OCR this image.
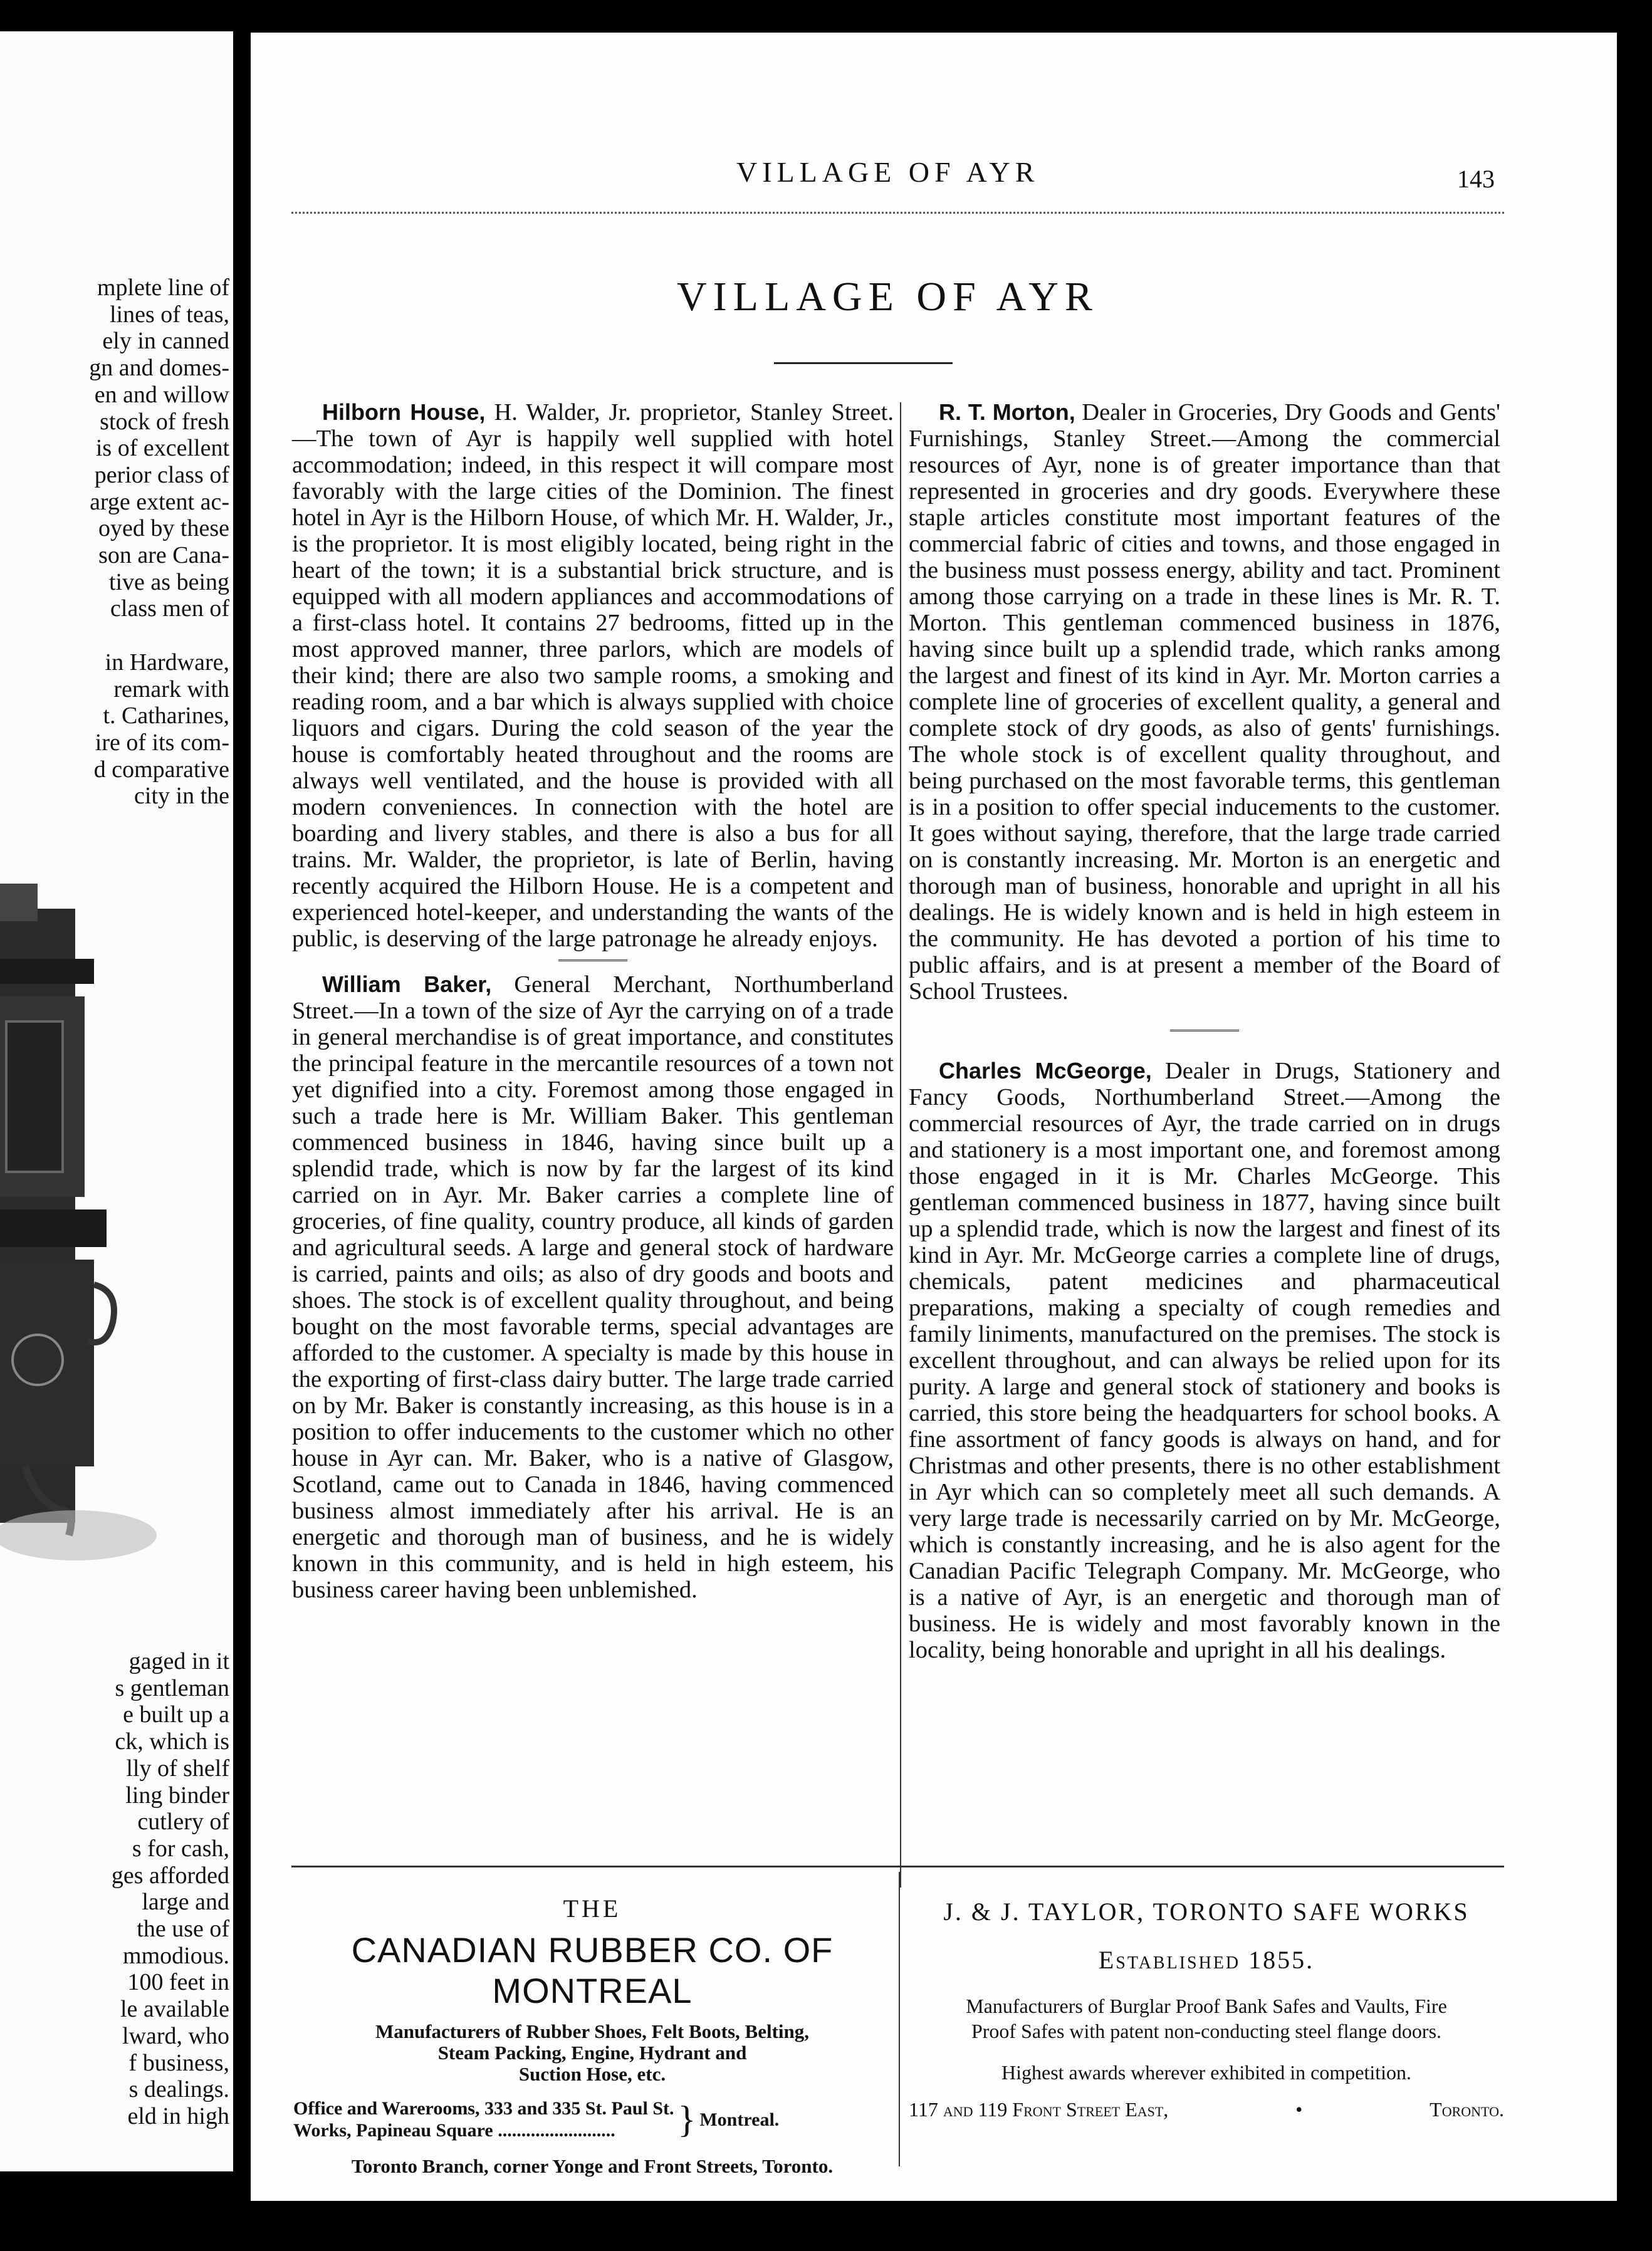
mplete line of
lines of teas,
ely in canned
gn and domes-
en and willow
stock of fresh
is of excellent
perior class of
arge extent ac-
oyed by these
son are Cana-
tive as being
class men of

in Hardware,
remark with
t. Catharines,
ire of its com-
d comparative
city in the
gaged in it
s gentleman
e built up a
ck, which is
lly of shelf
ling binder
cutlery of
s for cash,
ges afforded
large and
the use of
mmodious.
100 feet in
le available
lward, who
f business,
s dealings.
eld in high
VILLAGE OF AYR	143
VILLAGE OF AYR

Hilborn House, H. Walder, Jr. proprietor, Stanley Street.—The town of Ayr is happily well supplied with hotel accommodation; indeed, in this respect it will compare most favorably with the large cities of the Dominion. The finest hotel in Ayr is the Hilborn House, of which Mr. H. Walder, Jr., is the proprietor. It is most eligibly located, being right in the heart of the town; it is a substantial brick structure, and is equipped with all modern appliances and accommodations of a first-class hotel. It contains 27 bedrooms, fitted up in the most approved manner, three parlors, which are models of their kind; there are also two sample rooms, a smoking and reading room, and a bar which is always supplied with choice liquors and cigars. During the cold season of the year the house is comfortably heated throughout and the rooms are always well ventilated, and the house is provided with all modern conveniences. In connection with the hotel are boarding and livery stables, and there is also a bus for all trains. Mr. Walder, the proprietor, is late of Berlin, having recently acquired the Hilborn House. He is a competent and experienced hotel-keeper, and understanding the wants of the public, is deserving of the large patronage he already enjoys.

William Baker, General Merchant, Northumberland Street.—In a town of the size of Ayr the carrying on of a trade in general merchandise is of great importance, and constitutes the principal feature in the mercantile resources of a town not yet dignified into a city. Foremost among those engaged in such a trade here is Mr. William Baker. This gentleman commenced business in 1846, having since built up a splendid trade, which is now by far the largest of its kind carried on in Ayr. Mr. Baker carries a complete line of groceries, of fine quality, country produce, all kinds of garden and agricultural seeds. A large and general stock of hardware is carried, paints and oils; as also of dry goods and boots and shoes. The stock is of excellent quality throughout, and being bought on the most favorable terms, special advantages are afforded to the customer. A specialty is made by this house in the exporting of first-class dairy butter. The large trade carried on by Mr. Baker is constantly increasing, as this house is in a position to offer inducements to the customer which no other house in Ayr can. Mr. Baker, who is a native of Glasgow, Scotland, came out to Canada in 1846, having commenced business almost immediately after his arrival. He is an energetic and thorough man of business, and he is widely known in this community, and is held in high esteem, his business career having been unblemished.

R. T. Morton, Dealer in Groceries, Dry Goods and Gents' Furnishings, Stanley Street.—Among the commercial resources of Ayr, none is of greater importance than that represented in groceries and dry goods. Everywhere these staple articles constitute most important features of the commercial fabric of cities and towns, and those engaged in the business must possess energy, ability and tact. Prominent among those carrying on a trade in these lines is Mr. R. T. Morton. This gentleman commenced business in 1876, having since built up a splendid trade, which ranks among the largest and finest of its kind in Ayr. Mr. Morton carries a complete line of groceries of excellent quality, a general and complete stock of dry goods, as also of gents' furnishings. The whole stock is of excellent quality throughout, and being purchased on the most favorable terms, this gentleman is in a position to offer special inducements to the customer. It goes without saying, therefore, that the large trade carried on is constantly increasing. Mr. Morton is an energetic and thorough man of business, honorable and upright in all his dealings. He is widely known and is held in high esteem in the community. He has devoted a portion of his time to public affairs, and is at present a member of the Board of School Trustees.

Charles McGeorge, Dealer in Drugs, Stationery and Fancy Goods, Northumberland Street.—Among the commercial resources of Ayr, the trade carried on in drugs and stationery is a most important one, and foremost among those engaged in it is Mr. Charles McGeorge. This gentleman commenced business in 1877, having since built up a splendid trade, which is now the largest and finest of its kind in Ayr. Mr. McGeorge carries a complete line of drugs, chemicals, patent medicines and pharmaceutical preparations, making a specialty of cough remedies and family liniments, manufactured on the premises. The stock is excellent throughout, and can always be relied upon for its purity. A large and general stock of stationery and books is carried, this store being the headquarters for school books. A fine assortment of fancy goods is always on hand, and for Christmas and other presents, there is no other establishment in Ayr which can so completely meet all such demands. A very large trade is necessarily carried on by Mr. McGeorge, which is constantly increasing, and he is also agent for the Canadian Pacific Telegraph Company. Mr. McGeorge, who is a native of Ayr, is an energetic and thorough man of business. He is widely and most favorably known in the locality, being honorable and upright in all his dealings.

THE
CANADIAN RUBBER CO. OF MONTREAL
Manufacturers of Rubber Shoes, Felt Boots, Belting,
Steam Packing, Engine, Hydrant and
Suction Hose, etc.
Office and Warerooms, 333 and 335 St. Paul St.
Works, Papineau Square .........................	} Montreal.
Toronto Branch, corner Yonge and Front Streets, Toronto.
J. & J. TAYLOR, TORONTO SAFE WORKS
Established 1855.
Manufacturers of Burglar Proof Bank Safes and Vaults, Fire
Proof Safes with patent non-conducting steel flange doors.
Highest awards wherever exhibited in competition.
117 and 119 Front Street East,	•	Toronto.
